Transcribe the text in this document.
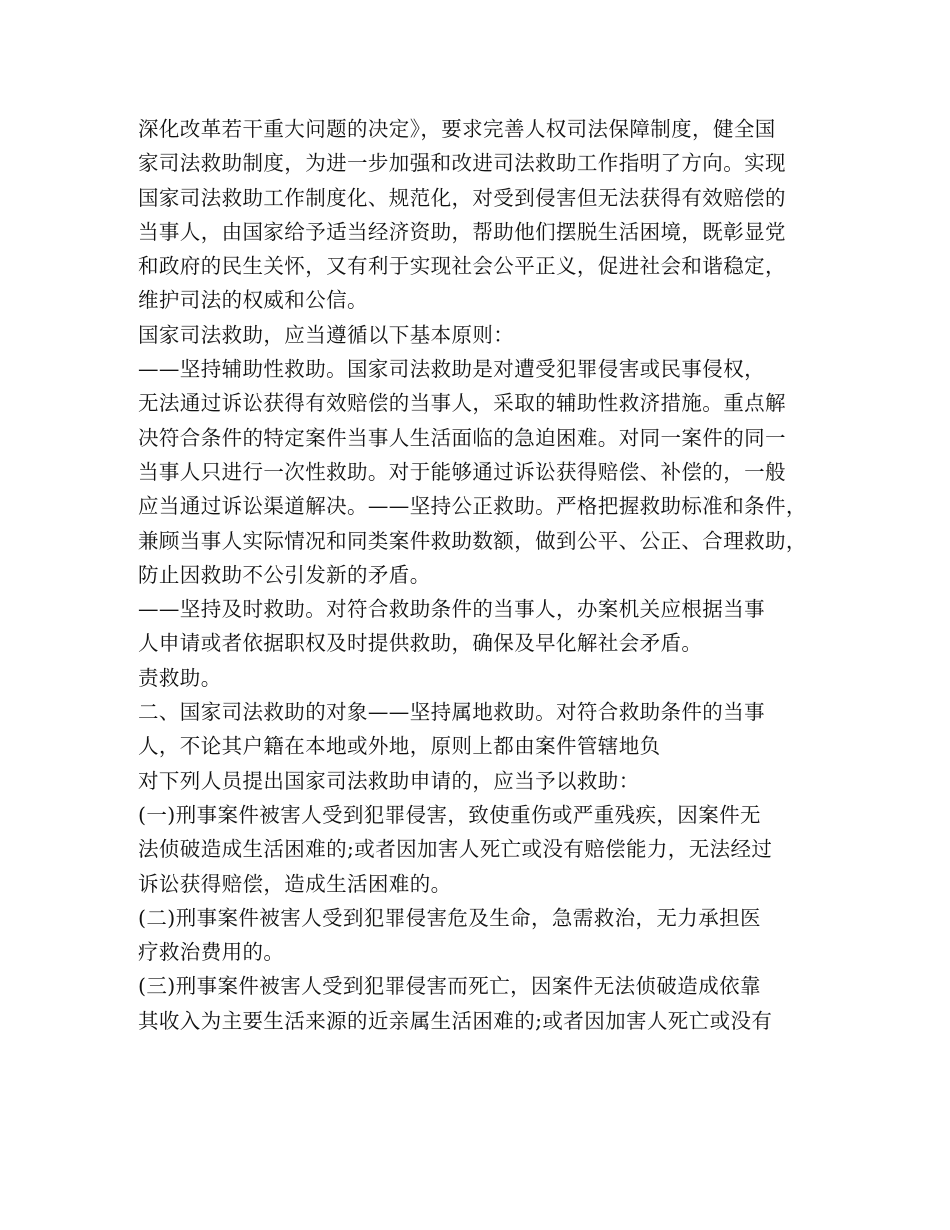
深化改革若干重大问题的决定》，要求完善人权司法保障制度，健全国
家司法救助制度，为进一步加强和改进司法救助工作指明了方向。实现
国家司法救助工作制度化、规范化，对受到侵害但无法获得有效赔偿的
当事人，由国家给予适当经济资助，帮助他们摆脱生活困境，既彰显党
和政府的民生关怀，又有利于实现社会公平正义，促进社会和谐稳定，
维护司法的权威和公信。
国家司法救助，应当遵循以下基本原则：
——坚持辅助性救助。国家司法救助是对遭受犯罪侵害或民事侵权，
无法通过诉讼获得有效赔偿的当事人，采取的辅助性救济措施。重点解
决符合条件的特定案件当事人生活面临的急迫困难。对同一案件的同一
当事人只进行一次性救助。对于能够通过诉讼获得赔偿、补偿的，一般
应当通过诉讼渠道解决。——坚持公正救助。严格把握救助标准和条件，
兼顾当事人实际情况和同类案件救助数额，做到公平、公正、合理救助，
防止因救助不公引发新的矛盾。
——坚持及时救助。对符合救助条件的当事人，办案机关应根据当事
人申请或者依据职权及时提供救助，确保及早化解社会矛盾。
责救助。
二、国家司法救助的对象——坚持属地救助。对符合救助条件的当事
人，不论其户籍在本地或外地，原则上都由案件管辖地负
对下列人员提出国家司法救助申请的，应当予以救助：
(一)刑事案件被害人受到犯罪侵害，致使重伤或严重残疾，因案件无
法侦破造成生活困难的;或者因加害人死亡或没有赔偿能力，无法经过
诉讼获得赔偿，造成生活困难的。
(二)刑事案件被害人受到犯罪侵害危及生命，急需救治，无力承担医
疗救治费用的。
(三)刑事案件被害人受到犯罪侵害而死亡，因案件无法侦破造成依靠
其收入为主要生活来源的近亲属生活困难的;或者因加害人死亡或没有
